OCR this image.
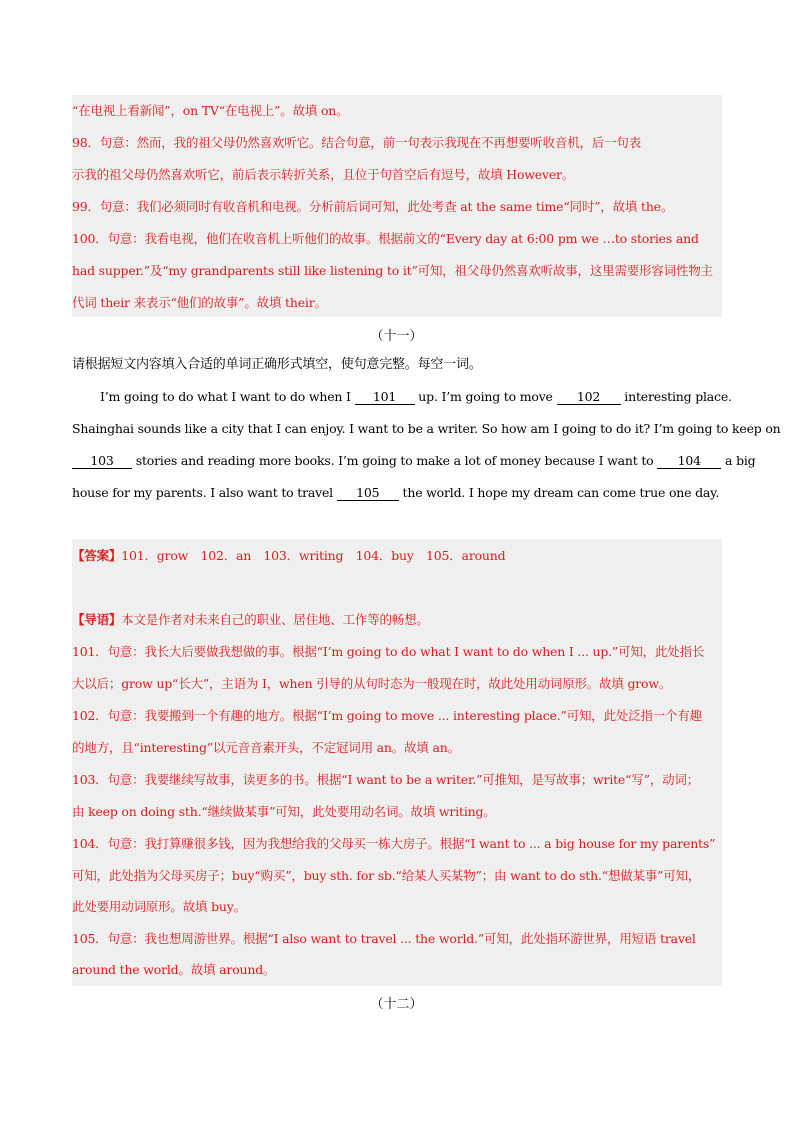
“在电视上看新闻”，on TV“在电视上”。故填 on。
98．句意：然而，我的祖父母仍然喜欢听它。结合句意，前一句表示我现在不再想要听收音机，后一句表
示我的祖父母仍然喜欢听它，前后表示转折关系，且位于句首空后有逗号，故填 However。
99．句意：我们必须同时有收音机和电视。分析前后词可知，此处考查 at the same time“同时”，故填 the。
100．句意：我看电视，他们在收音机上听他们的故事。根据前文的“Every day at 6:00 pm we …to stories and
had supper.”及“my grandparents still like listening to it”可知，祖父母仍然喜欢听故事，这里需要形容词性物主
代词 their 来表示“他们的故事”。故填 their。
（十一）
请根据短文内容填入合适的单词正确形式填空，使句意完整。每空一词。
I’m going to do what I want to do when I 101 up. I’m going to move 102 interesting place.
Shainghai sounds like a city that I can enjoy. I want to be a writer. So how am I going to do it? I’m going to keep on
103 stories and reading more books. I’m going to make a lot of money because I want to 104 a big
house for my parents. I also want to travel 105 the world. I hope my dream can come true one day.
【答案】101．grow　102．an　103．writing　104．buy　105．around
【导语】本文是作者对未来自己的职业、居住地、工作等的畅想。
101．句意：我长大后要做我想做的事。根据“I’m going to do what I want to do when I ... up.”可知，此处指长
大以后；grow up“长大”，主语为 I，when 引导的从句时态为一般现在时，故此处用动词原形。故填 grow。
102．句意：我要搬到一个有趣的地方。根据“I’m going to move ... interesting place.”可知，此处泛指一个有趣
的地方，且“interesting”以元音音素开头，不定冠词用 an。故填 an。
103．句意：我要继续写故事，读更多的书。根据“I want to be a writer.”可推知，是写故事；write“写”，动词；
由 keep on doing sth.“继续做某事”可知，此处要用动名词。故填 writing。
104．句意：我打算赚很多钱，因为我想给我的父母买一栋大房子。根据“I want to ... a big house for my parents”
可知，此处指为父母买房子；buy“购买”，buy sth. for sb.“给某人买某物”；由 want to do sth.“想做某事”可知，
此处要用动词原形。故填 buy。
105．句意：我也想周游世界。根据“I also want to travel ... the world.”可知，此处指环游世界，用短语 travel
around the world。故填 around。
（十二）
